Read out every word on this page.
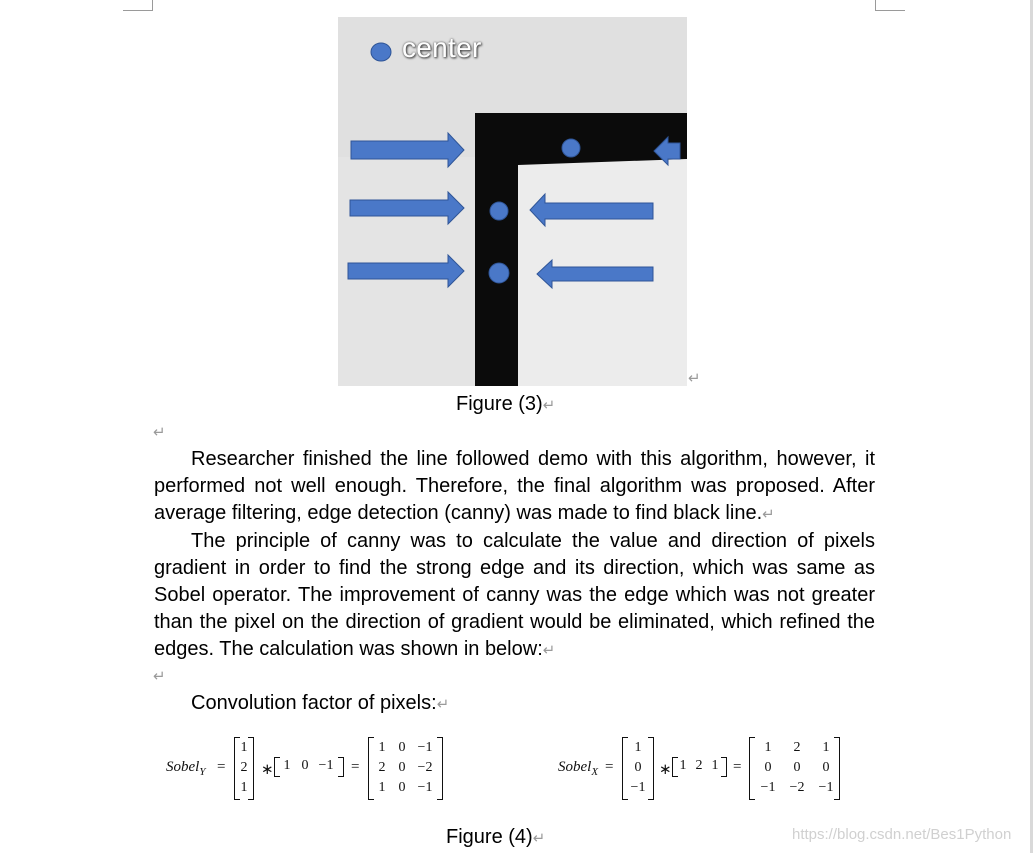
center
↵
Figure (3)↵
↵

Researcher finished the line followed demo with this algorithm, however, it performed not well enough. Therefore, the final algorithm was proposed. After average filtering, edge detection (canny) was made to find black line.↵

The principle of canny was to calculate the value and direction of pixels gradient in order to find the strong edge and its direction, which was same as Sobel operator. The improvement of canny was the edge which was not greater than the pixel on the direction of gradient would be eliminated, which refined the edges. The calculation was shown in below:↵

↵

Convolution factor of pixels:↵

Sobel$_Y$ =
1
2
1
∗ 1 0 −1	=
1 0 −1
2 0 −2
1 0 −1
Sobel$_X$ =
1
0
−1
∗ 1 2 1 =
1	2	1
0	0	0
−1	−2	−1
Figure (4)↵	https://blog.csdn.net/Bes1Python
